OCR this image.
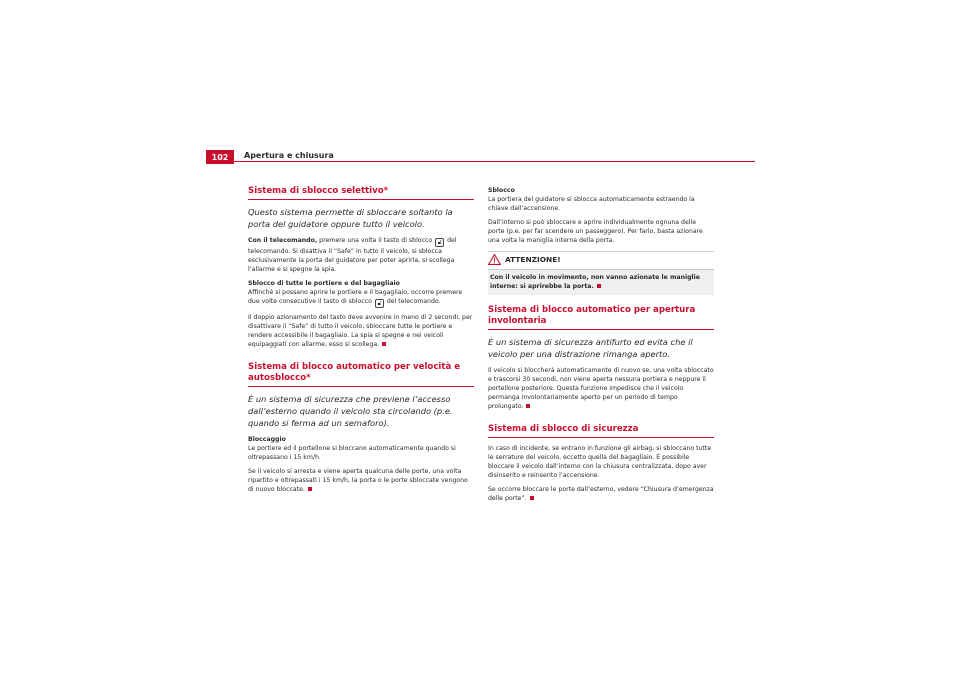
102	Apertura e chiusura
Sistema di sblocco selettivo*
Questo sistema permette di sbloccare soltanto la porta del guidatore oppure tutto il veicolo.

Con il telecomando, premere una volta il tasto di sblocco 🔓︎ del telecomando. Si disattiva il “Safe” in tutto il veicolo, si sblocca esclusivamente la porta del guidatore per poter aprirla, si scollega l’allarme e si spegne la spia.

Sblocco di tutte le portiere e del bagagliaio

Affinché si possano aprire le portiere e il bagagliaio, occorre premere due volte consecutive il tasto di sblocco 🔓︎ del telecomando.

Il doppio azionamento del tasto deve avvenire in meno di 2 secondi, per disattivare il “Safe” di tutto il veicolo, sbloccare tutte le portiere e rendere accessibile il bagagliaio. La spia si spegne e nei veicoli equipaggiati con allarme, esso si scollega.

Sistema di blocco automatico per velocità e autosblocco*
È un sistema di sicurezza che previene l’accesso dall’esterno quando il veicolo sta circolando (p.e. quando si ferma ad un semaforo).

Bloccaggio

Le portiere ed il portellone si bloccano automaticamente quando si oltrepassano i 15 km/h.

Se il veicolo si arresta e viene aperta qualcuna delle porte, una volta ripartito e oltrepassati i 15 km/h, la porta o le porte sbloccate vengono di nuovo bloccate.

Sblocco

La portiera del guidatore si sblocca automaticamente estraendo la chiave dall’accensione.

Dall’interno si può sbloccare e aprire individualmente ognuna delle porte (p.e. per far scendere un passeggero). Per farlo, basta azionare una volta la maniglia interna della porta.

ATTENZIONE!
Con il veicolo in movimento, non vanno azionate le maniglie interne: si aprirebbe la porta.
Sistema di blocco automatico per apertura involontaria
È un sistema di sicurezza antifurto ed evita che il veicolo per una distrazione rimanga aperto.

Il veicolo si bloccherà automaticamente di nuovo se, una volta sbloccato e trascorsi 30 secondi, non viene aperta nessuna portiera e neppure il portellone posteriore. Questa funzione impedisce che il veicolo permanga involontariamente aperto per un periodo di tempo prolungato.

Sistema di sblocco di sicurezza

In caso di incidente, se entrano in funzione gli airbag, si sbloccano tutte le serrature del veicolo, eccetto quella del bagagliaio. È possibile bloccare il veicolo dall’interno con la chiusura centralizzata, dopo aver disinserito e reinserito l’accensione.

Se occorre bloccare le porte dall’esterno, vedere “Chiusura d’emergenza delle porte”.
